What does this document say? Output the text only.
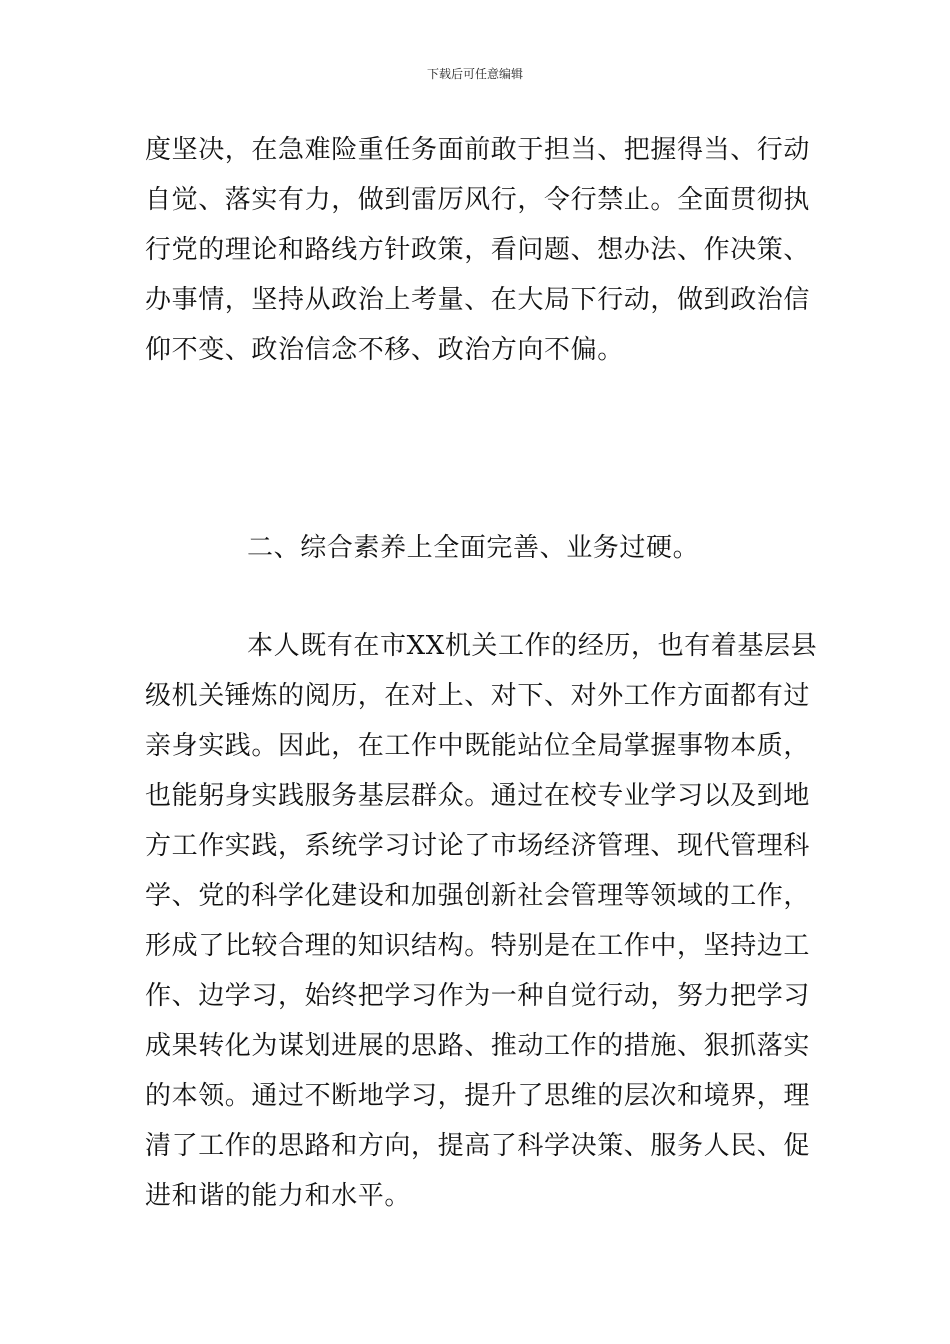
下载后可任意编辑
度坚决，在急难险重任务面前敢于担当、把握得当、行动
自觉、落实有力，做到雷厉风行，令行禁止。全面贯彻执
行党的理论和路线方针政策，看问题、想办法、作决策、
办事情，坚持从政治上考量、在大局下行动，做到政治信
仰不变、政治信念不移、政治方向不偏。
二、综合素养上全面完善、业务过硬。
本人既有在市XX机关工作的经历，也有着基层县
级机关锤炼的阅历，在对上、对下、对外工作方面都有过
亲身实践。因此，在工作中既能站位全局掌握事物本质，
也能躬身实践服务基层群众。通过在校专业学习以及到地
方工作实践，系统学习讨论了市场经济管理、现代管理科
学、党的科学化建设和加强创新社会管理等领域的工作，
形成了比较合理的知识结构。特别是在工作中，坚持边工
作、边学习，始终把学习作为一种自觉行动，努力把学习
成果转化为谋划进展的思路、推动工作的措施、狠抓落实
的本领。通过不断地学习，提升了思维的层次和境界，理
清了工作的思路和方向，提高了科学决策、服务人民、促
进和谐的能力和水平。
